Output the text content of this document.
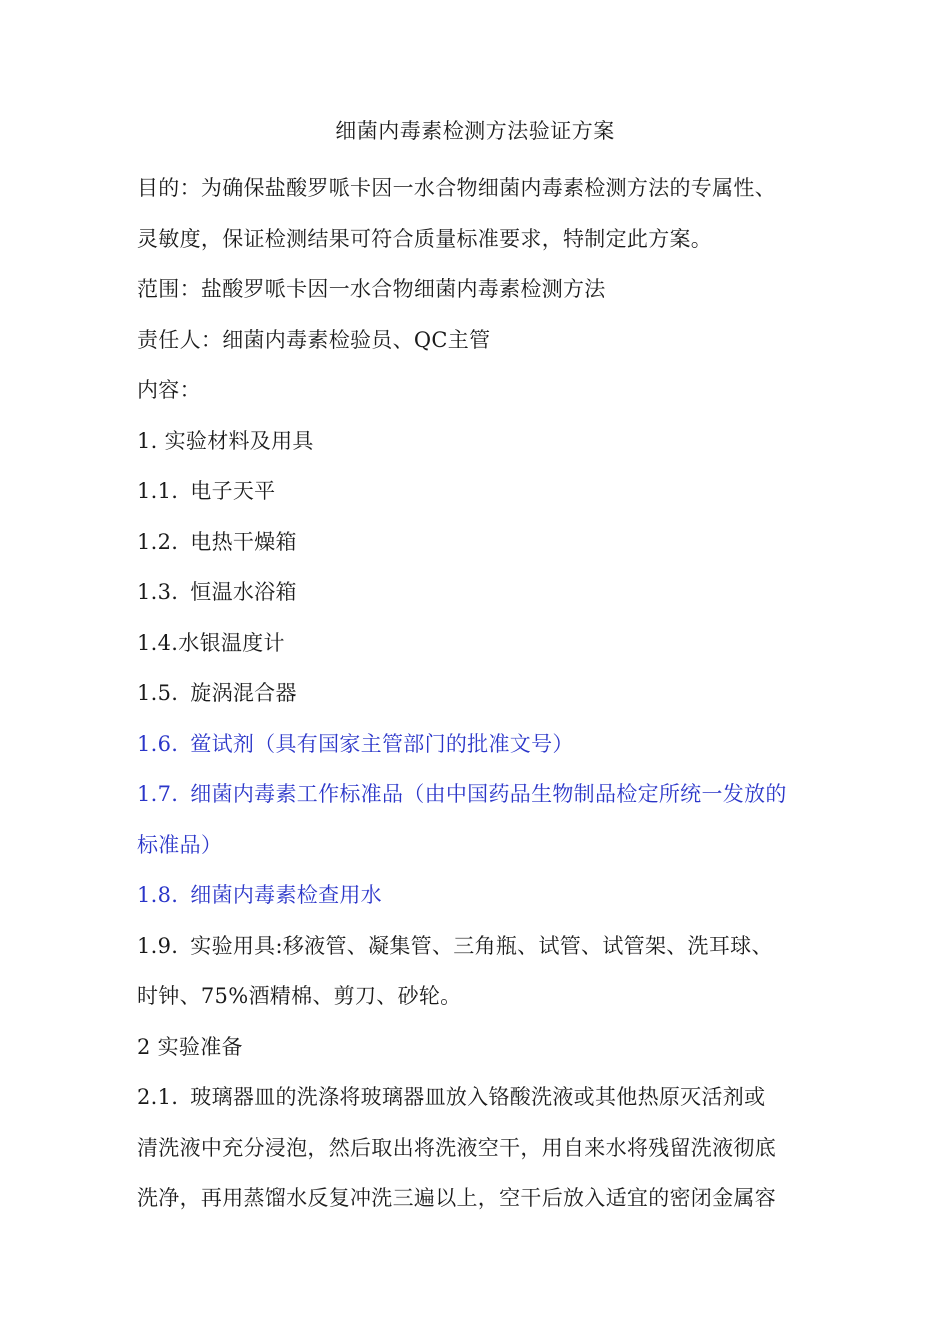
细菌内毒素检测方法验证方案
目的：为确保盐酸罗哌卡因一水合物细菌内毒素检测方法的专属性、
灵敏度，保证检测结果可符合质量标准要求，特制定此方案。
范围：盐酸罗哌卡因一水合物细菌内毒素检测方法
责任人：细菌内毒素检验员、QC主管
内容：
1. 实验材料及用具
1.1. 电子天平
1.2. 电热干燥箱
1.3. 恒温水浴箱
1.4.水银温度计
1.5. 旋涡混合器
1.6. 鲎试剂（具有国家主管部门的批准文号）
1.7. 细菌内毒素工作标准品（由中国药品生物制品检定所统一发放的
标准品）
1.8. 细菌内毒素检查用水
1.9. 实验用具:移液管、凝集管、三角瓶、试管、试管架、洗耳球、
时钟、75%酒精棉、剪刀、砂轮。
2 实验准备
2.1. 玻璃器皿的洗涤将玻璃器皿放入铬酸洗液或其他热原灭活剂或
清洗液中充分浸泡，然后取出将洗液空干，用自来水将残留洗液彻底
洗净，再用蒸馏水反复冲洗三遍以上，空干后放入适宜的密闭金属容
